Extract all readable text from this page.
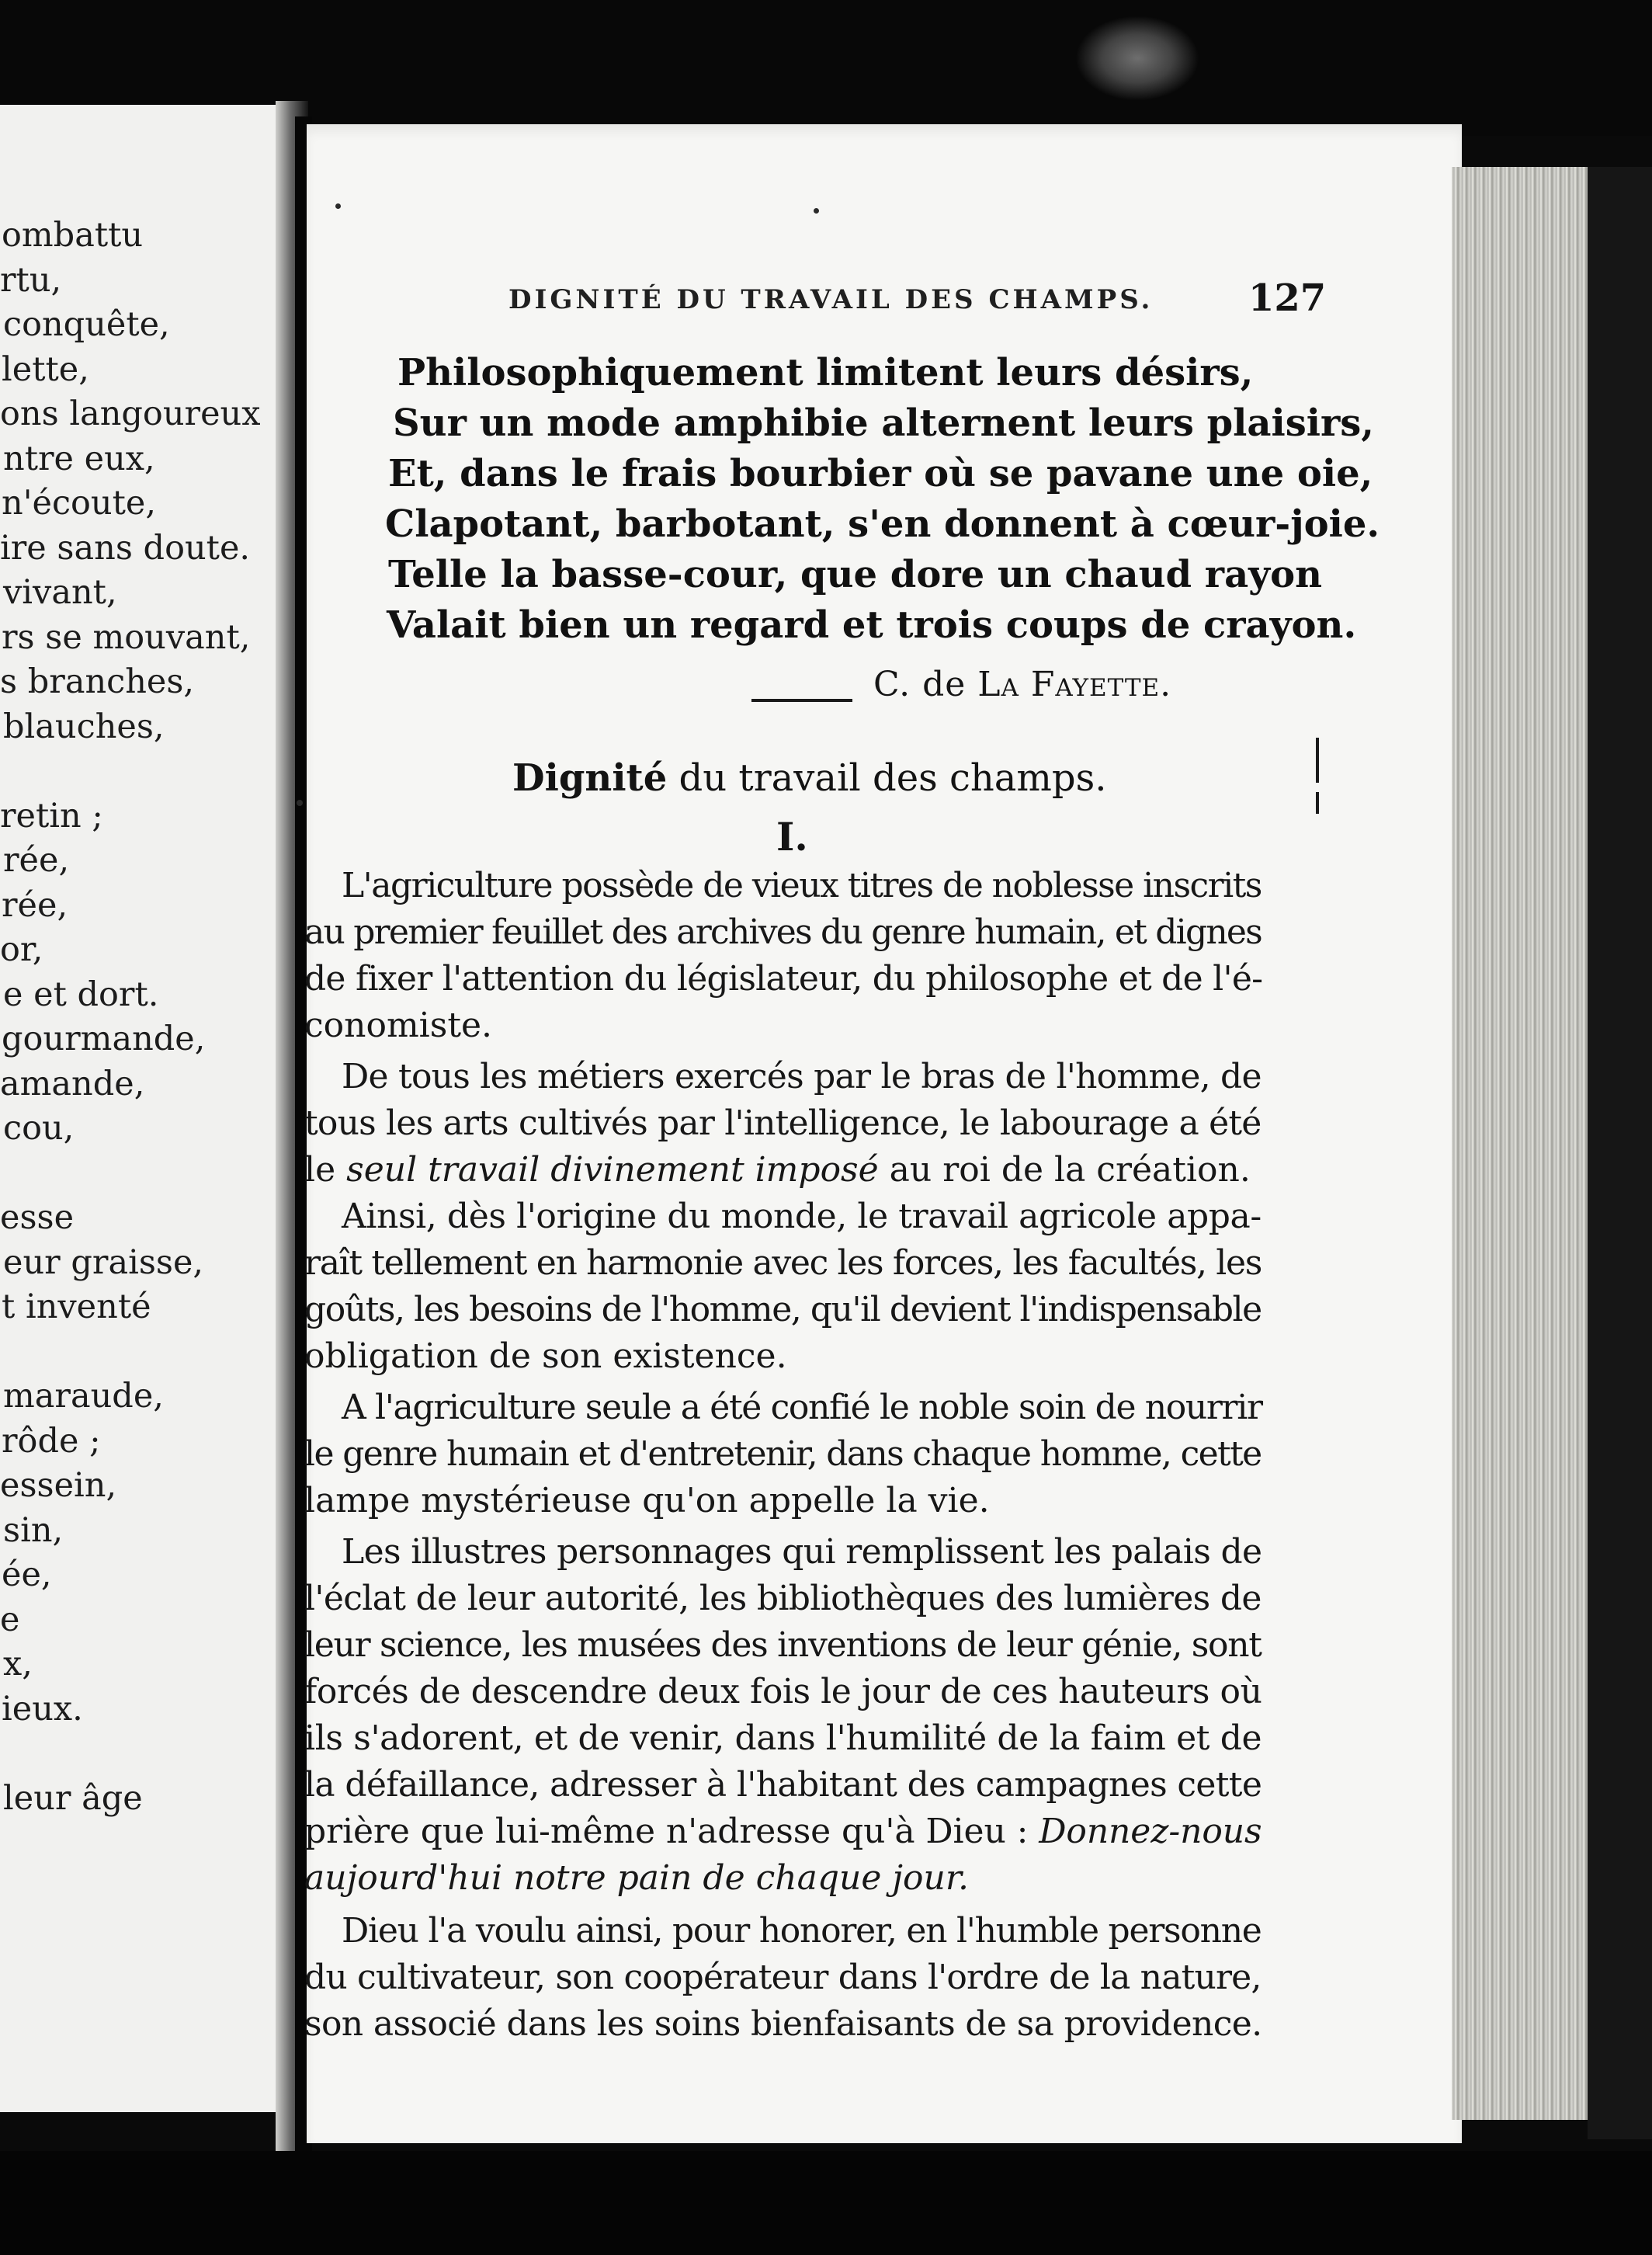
ombattu
rtu,
conquête,
lette,
ons langoureux
ntre eux,
n'écoute,
ire sans doute.
vivant,
rs se mouvant,
s branches,
blauches,
retin ;
rée,
rée,
or,
e et dort.
gourmande,
amande,
cou,
esse
eur graisse,
t inventé
maraude,
rôde ;
essein,
sin,
ée,
e
x,
ieux.
leur âge
DIGNITÉ DU TRAVAIL DES CHAMPS.	127
Philosophiquement limitent leurs désirs,
Sur un mode amphibie alternent leurs plaisirs,
Et, dans le frais bourbier où se pavane une oie,
Clapotant, barbotant, s'en donnent à cœur-joie.
Telle la basse-cour, que dore un chaud rayon
Valait bien un regard et trois coups de crayon.
C. de La Fayette.
Dignité du travail des champs.
I.
L'agriculture possède de vieux titres de noblesse inscrits
au premier feuillet des archives du genre humain, et dignes
de fixer l'attention du législateur, du philosophe et de l'é-
conomiste.
De tous les métiers exercés par le bras de l'homme, de
tous les arts cultivés par l'intelligence, le labourage a été
le seul travail divinement imposé au roi de la création.
Ainsi, dès l'origine du monde, le travail agricole appa-
raît tellement en harmonie avec les forces, les facultés, les
goûts, les besoins de l'homme, qu'il devient l'indispensable
obligation de son existence.
A l'agriculture seule a été confié le noble soin de nourrir
le genre humain et d'entretenir, dans chaque homme, cette
lampe mystérieuse qu'on appelle la vie.
Les illustres personnages qui remplissent les palais de
l'éclat de leur autorité, les bibliothèques des lumières de
leur science, les musées des inventions de leur génie, sont
forcés de descendre deux fois le jour de ces hauteurs où
ils s'adorent, et de venir, dans l'humilité de la faim et de
la défaillance, adresser à l'habitant des campagnes cette
prière que lui-même n'adresse qu'à Dieu : Donnez-nous
aujourd'hui notre pain de chaque jour.
Dieu l'a voulu ainsi, pour honorer, en l'humble personne
du cultivateur, son coopérateur dans l'ordre de la nature,
son associé dans les soins bienfaisants de sa providence.
